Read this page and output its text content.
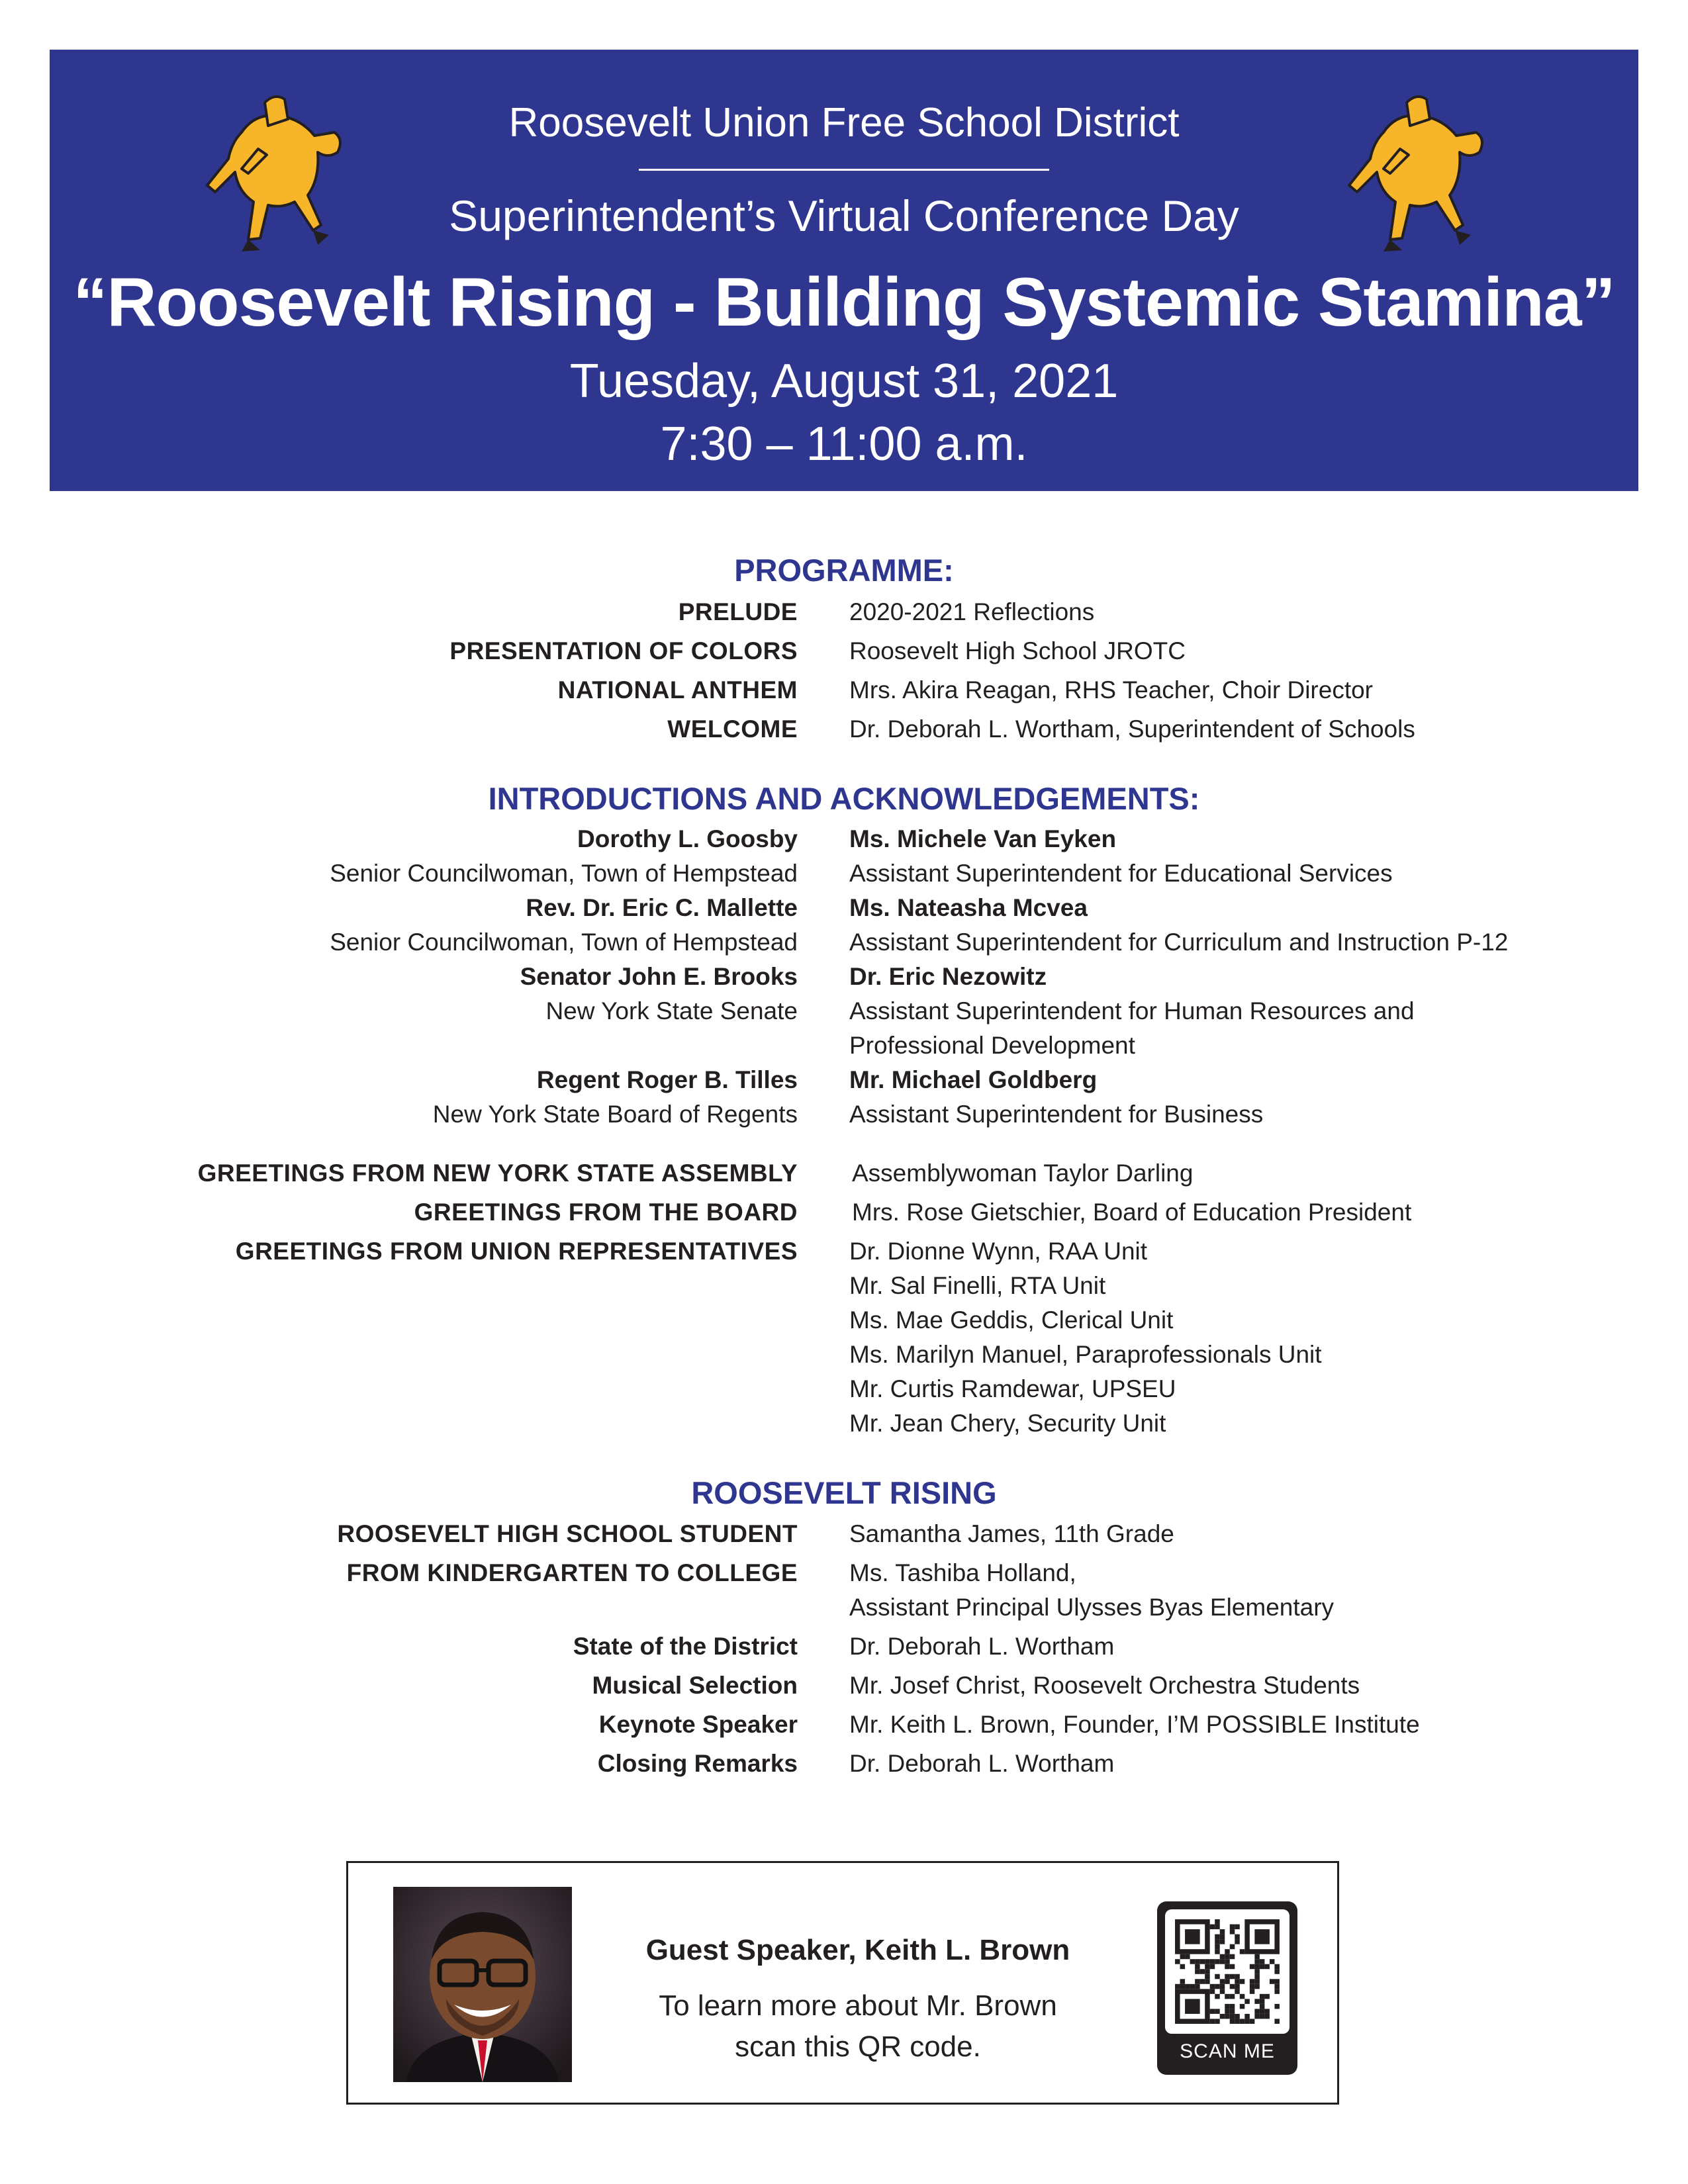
Roosevelt Union Free School District
Superintendent’s Virtual Conference Day
“Roosevelt Rising - Building Systemic Stamina”
Tuesday, August 31, 2021
7:30 – 11:00 a.m.
PROGRAMME:
PRELUDE 2020-2021 Reflections
PRESENTATION OF COLORS Roosevelt High School JROTC
NATIONAL ANTHEM Mrs. Akira Reagan, RHS Teacher, Choir Director
WELCOME Dr. Deborah L. Wortham, Superintendent of Schools
INTRODUCTIONS AND ACKNOWLEDGEMENTS:
Dorothy L. Goosby Ms. Michele Van Eyken
Senior Councilwoman, Town of Hempstead Assistant Superintendent for Educational Services
Rev. Dr. Eric C. Mallette Ms. Nateasha Mcvea
Senior Councilwoman, Town of Hempstead Assistant Superintendent for Curriculum and Instruction P-12
Senator John E. Brooks Dr. Eric Nezowitz
New York State Senate Assistant Superintendent for Human Resources and
Professional Development
Regent Roger B. Tilles Mr. Michael Goldberg
New York State Board of Regents Assistant Superintendent for Business
GREETINGS FROM NEW YORK STATE ASSEMBLY Assemblywoman Taylor Darling
GREETINGS FROM THE BOARD Mrs. Rose Gietschier, Board of Education President
GREETINGS FROM UNION REPRESENTATIVES Dr. Dionne Wynn, RAA Unit
Mr. Sal Finelli, RTA Unit
Ms. Mae Geddis, Clerical Unit
Ms. Marilyn Manuel, Paraprofessionals Unit
Mr. Curtis Ramdewar, UPSEU
Mr. Jean Chery, Security Unit
ROOSEVELT RISING
ROOSEVELT HIGH SCHOOL STUDENT Samantha James, 11th Grade
FROM KINDERGARTEN TO COLLEGE Ms. Tashiba Holland,
Assistant Principal Ulysses Byas Elementary
State of the District Dr. Deborah L. Wortham
Musical Selection Mr. Josef Christ, Roosevelt Orchestra Students
Keynote Speaker Mr. Keith L. Brown, Founder, I’M POSSIBLE Institute
Closing Remarks Dr. Deborah L. Wortham
Guest Speaker, Keith L. Brown
To learn more about Mr. Brown
scan this QR code.	SCAN ME
